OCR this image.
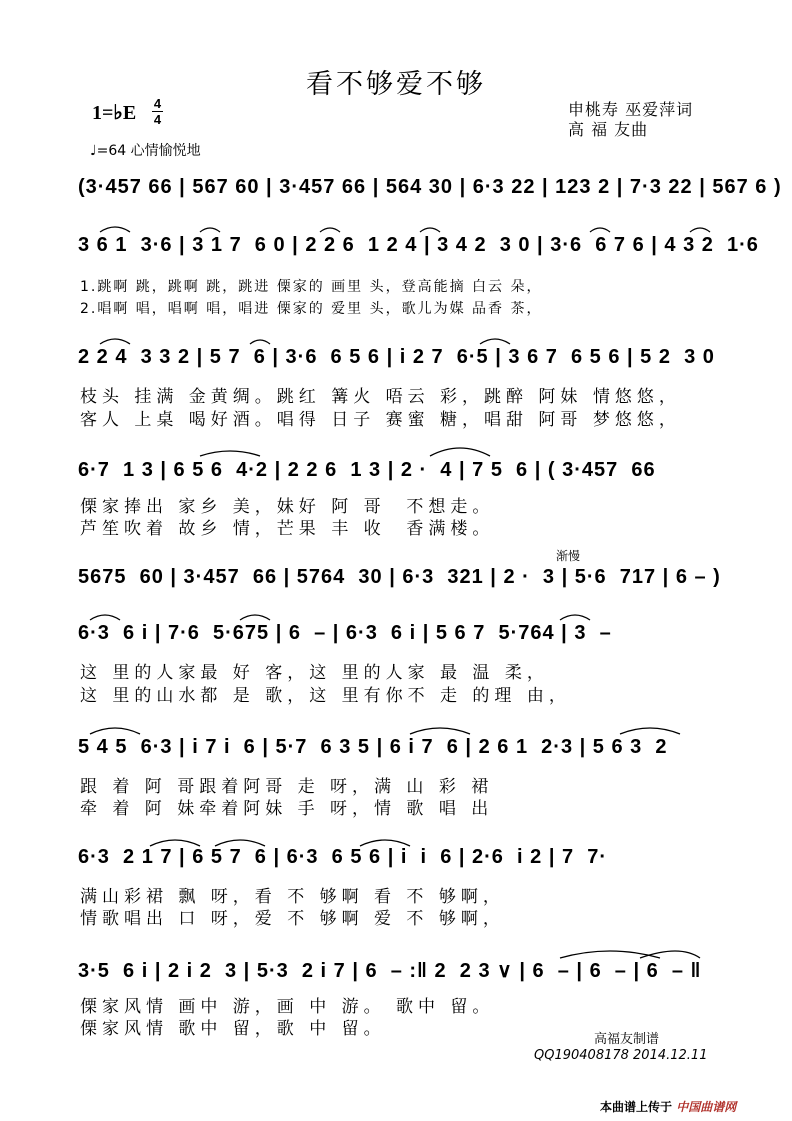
看不够爱不够
1=♭E 4
4
♩=64 心情愉悦地
申桃寿 巫爱萍词
高 福 友曲
(3·457 66 | 567 60 | 3·457 66 | 564 30 | 6·3 22 | 123 2 | 7·3 22 | 567 6 )
3 6 1  3·6 | 3 1 7  6 0 | 2 2 6  1 2 4 | 3 4 2  3 0 | 3·6  6 7 6 | 4 3 2  1·6
1.跳啊 跳，跳啊 跳，跳进 傈家的 画里 头，登高能摘 白云 朵，
2.唱啊 唱，唱啊 唱，唱进 傈家的 爱里 头，歌儿为媒 品香 茶，
2 2 4  3 3 2 | 5 7  6 | 3·6  6 5 6 | i 2 7  6·5 | 3 6 7  6 5 6 | 5 2  3 0
枝头 挂满 金黄绸。跳红 篝火 唔云 彩，跳醉 阿妹 情悠悠，
客人 上桌 喝好酒。唱得 日子 赛蜜 糖，唱甜 阿哥 梦悠悠，
6·7  1 3 | 6 5 6  4·2 | 2 2 6  1 3 | 2 ·  4 | 7 5  6 | ( 3·457  66
傈家捧出 家乡 美，妹好 阿 哥  不想走。
芦笙吹着 故乡 情，芒果 丰 收  香满楼。
渐慢
5675  60 | 3·457  66 | 5764  30 | 6·3  321 | 2 ·  3 | 5·6  717 | 6 – )
6·3  6 i | 7·6  5·675 | 6  – | 6·3  6 i | 5 6 7  5·764 | 3  –
这 里的人家最 好 客，这 里的人家 最 温 柔，
这 里的山水都 是 歌，这 里有你不 走 的理 由，
5 4 5  6·3 | i 7 i  6 | 5·7  6 3 5 | 6 i 7  6 | 2 6 1  2·3 | 5 6 3  2
跟 着 阿 哥跟着阿哥 走 呀，满 山 彩 裙
牵 着 阿 妹牵着阿妹 手 呀，情 歌 唱 出
6·3  2 1 7 | 6 5 7  6 | 6·3  6 5 6 | i  i  6 | 2·6  i 2 | 7  7·
满山彩裙 飘 呀，看 不 够啊 看 不 够啊，
情歌唱出 口 呀，爱 不 够啊 爱 不 够啊，
3·5  6 i | 2 i 2  3 | 5·3  2 i 7 | 6  – :‖ 2  2 3 ∨ | 6  – | 6  – | 6  – ‖
傈家风情 画中 游，画 中 游。 歌中 留。
傈家风情 歌中 留，歌 中 留。
高福友制谱
QQ190408178 2014.12.11
本曲谱上传于 中国曲谱网
